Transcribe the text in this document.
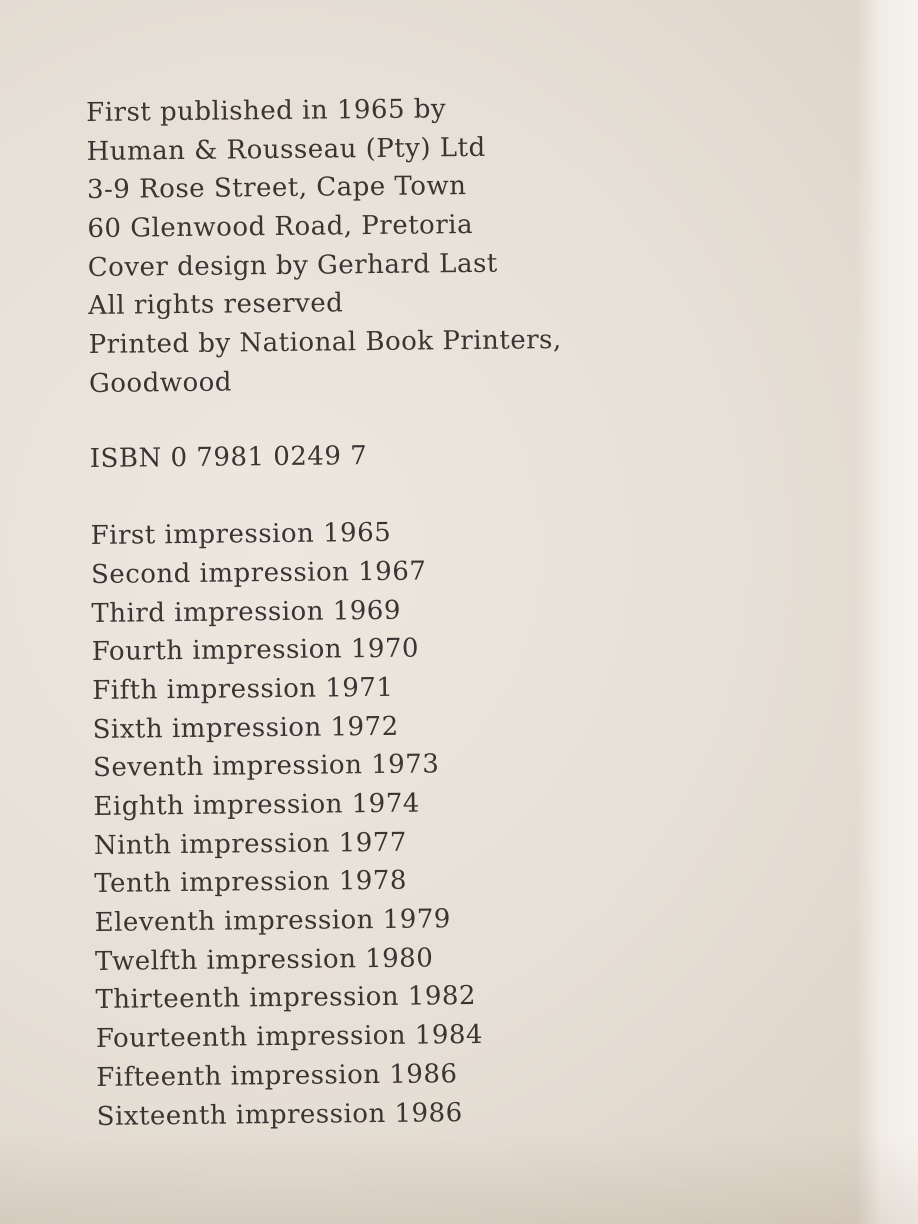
First published in 1965 by
Human & Rousseau (Pty) Ltd
3-9 Rose Street, Cape Town
60 Glenwood Road, Pretoria
Cover design by Gerhard Last
All rights reserved
Printed by National Book Printers,
Goodwood
ISBN 0 7981 0249 7
First impression 1965
Second impression 1967
Third impression 1969
Fourth impression 1970
Fifth impression 1971
Sixth impression 1972
Seventh impression 1973
Eighth impression 1974
Ninth impression 1977
Tenth impression 1978
Eleventh impression 1979
Twelfth impression 1980
Thirteenth impression 1982
Fourteenth impression 1984
Fifteenth impression 1986
Sixteenth impression 1986
